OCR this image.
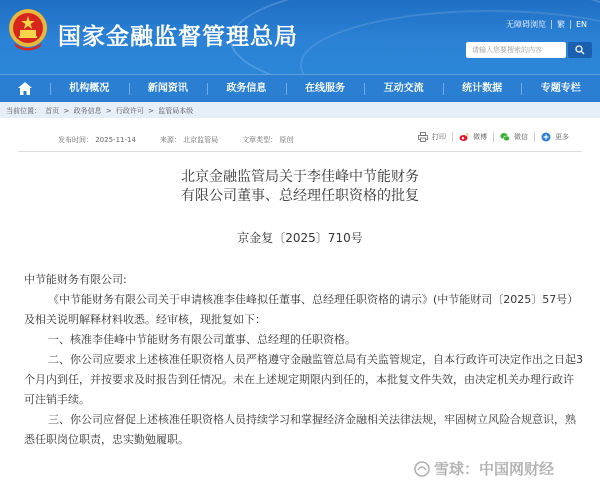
国家金融监督管理总局	无障碍浏览	繁	EN
请输入您要搜索的内容
机构概况	新闻资讯	政务信息	在线服务	互动交流	统计数据	专题专栏
当前位置： 首页 > 政务信息 > 行政许可 > 监管局本级
发布时间： 2025-11-14	来源： 北京监管局	文章类型： 原创	打印	微博	微信	更多
北京金融监管局关于李佳峰中节能财务
有限公司董事、总经理任职资格的批复
京金复〔2025〕710号

中节能财务有限公司:

《中节能财务有限公司关于申请核准李佳峰拟任董事、总经理任职资格的请示》(中节能财司〔2025〕57号）及相关说明解释材料收悉。经审核，现批复如下：

一、核准李佳峰中节能财务有限公司董事、总经理的任职资格。

二、你公司应要求上述核准任职资格人员严格遵守金融监管总局有关监管规定，自本行政许可决定作出之日起3个月内到任，并按要求及时报告到任情况。未在上述规定期限内到任的，本批复文件失效，由决定机关办理行政许可注销手续。

三、你公司应督促上述核准任职资格人员持续学习和掌握经济金融相关法律法规，牢固树立风险合规意识，熟悉任职岗位职责，忠实勤勉履职。

雪球：中国网财经
